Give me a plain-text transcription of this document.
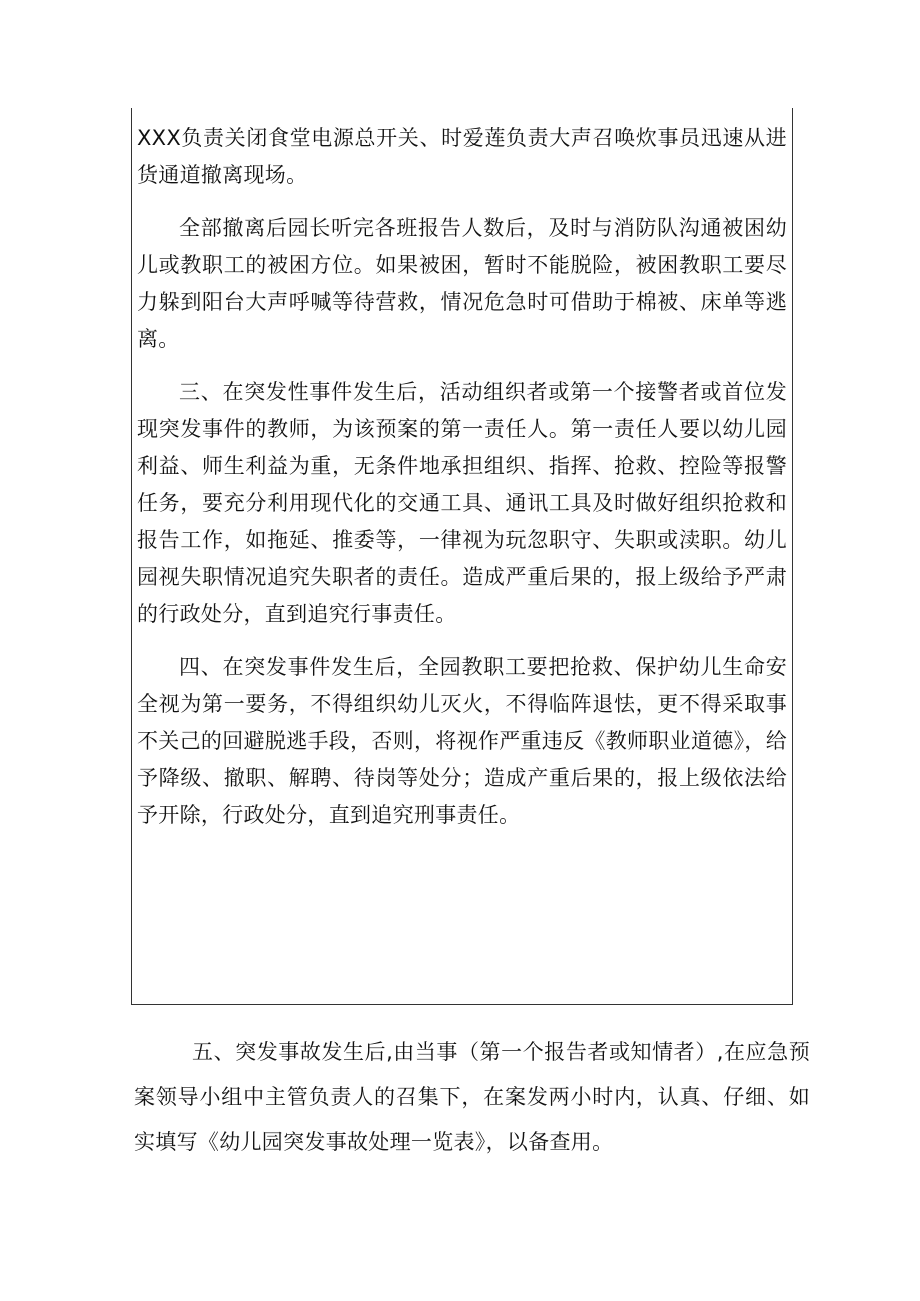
XXX负责关闭食堂电源总开关、时爱莲负责大声召唤炊事员迅速从进货通道撤离现场。

全部撤离后园长听完各班报告人数后，及时与消防队沟通被困幼儿或教职工的被困方位。如果被困，暂时不能脱险，被困教职工要尽力躲到阳台大声呼喊等待营救，情况危急时可借助于棉被、床单等逃离。

三、在突发性事件发生后，活动组织者或第一个接警者或首位发现突发事件的教师，为该预案的第一责任人。第一责任人要以幼儿园利益、师生利益为重，无条件地承担组织、指挥、抢救、控险等报警任务，要充分利用现代化的交通工具、通讯工具及时做好组织抢救和报告工作，如拖延、推委等，一律视为玩忽职守、失职或渎职。幼儿园视失职情况追究失职者的责任。造成严重后果的，报上级给予严肃的行政处分，直到追究行事责任。

四、在突发事件发生后，全园教职工要把抢救、保护幼儿生命安全视为第一要务，不得组织幼儿灭火，不得临阵退怯，更不得采取事不关己的回避脱逃手段，否则，将视作严重违反《教师职业道德》，给予降级、撤职、解聘、待岗等处分；造成产重后果的，报上级依法给予开除，行政处分，直到追究刑事责任。

五、突发事故发生后,由当事（第一个报告者或知情者）,在应急预案领导小组中主管负责人的召集下，在案发两小时内，认真、仔细、如实填写《幼儿园突发事故处理一览表》，以备查用。
